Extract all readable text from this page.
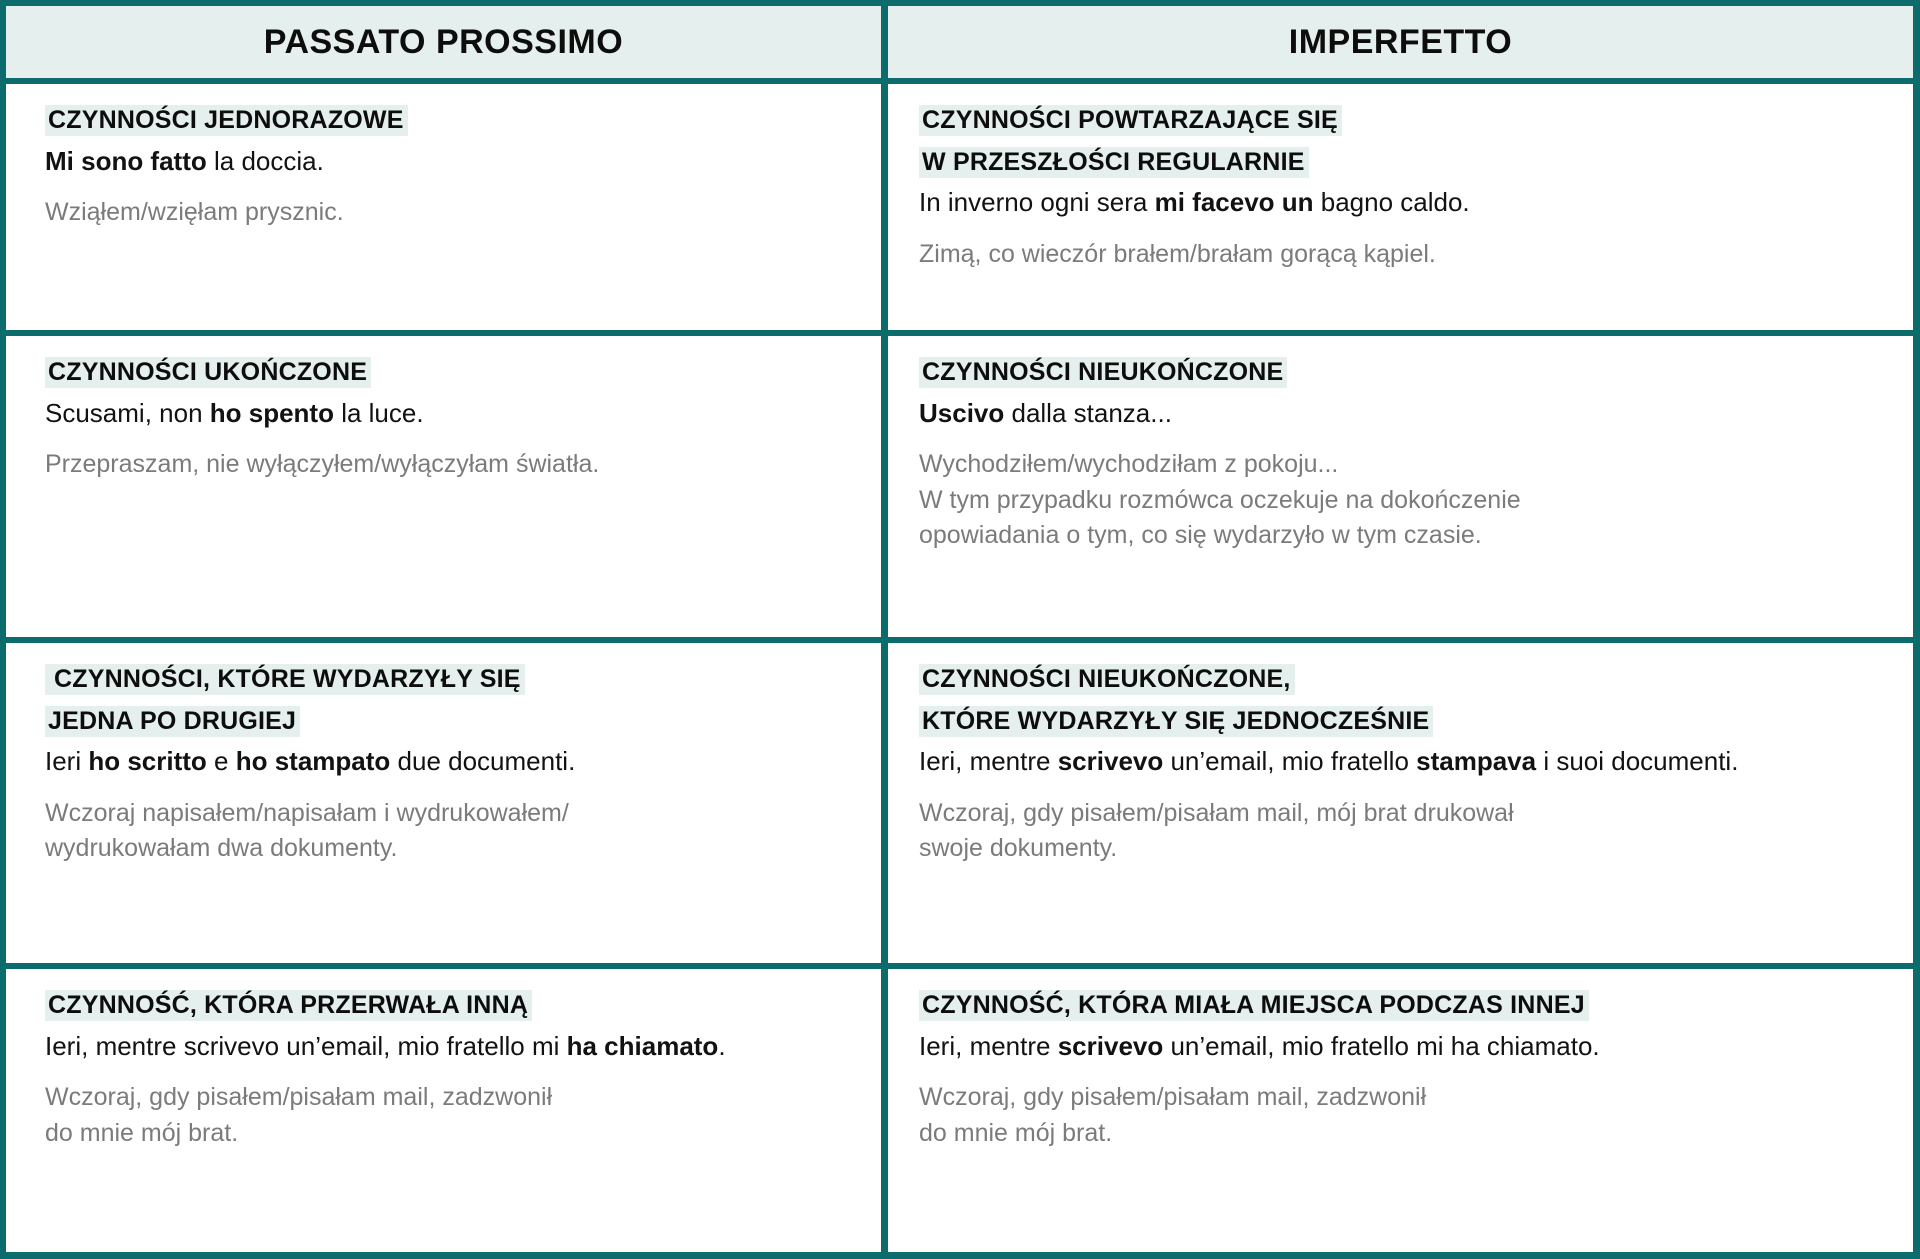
PASSATO PROSSIMO	IMPERFETTO
CZYNNOŚCI JEDNORAZOWE

Mi sono fatto la doccia.

Wziąłem/wzięłam prysznic.

CZYNNOŚCI POWTARZAJĄCE SIĘ
W PRZESZŁOŚCI REGULARNIE

In inverno ogni sera mi facevo un bagno caldo.

Zimą, co wieczór brałem/brałam gorącą kąpiel.

CZYNNOŚCI UKOŃCZONE

Scusami, non ho spento la luce.

Przepraszam, nie wyłączyłem/wyłączyłam światła.

CZYNNOŚCI NIEUKOŃCZONE

Uscivo dalla stanza...

Wychodziłem/wychodziłam z pokoju...
W tym przypadku rozmówca oczekuje na dokończenie
opowiadania o tym, co się wydarzyło w tym czasie.

CZYNNOŚCI, KTÓRE WYDARZYŁY SIĘ
JEDNA PO DRUGIEJ

Ieri ho scritto e ho stampato due documenti.

Wczoraj napisałem/napisałam i wydrukowałem/
wydrukowałam dwa dokumenty.

CZYNNOŚCI NIEUKOŃCZONE,
KTÓRE WYDARZYŁY SIĘ JEDNOCZEŚNIE

Ieri, mentre scrivevo un’email, mio fratello stampava i suoi documenti.

Wczoraj, gdy pisałem/pisałam mail, mój brat drukował
swoje dokumenty.

CZYNNOŚĆ, KTÓRA PRZERWAŁA INNĄ

Ieri, mentre scrivevo un’email, mio fratello mi ha chiamato.

Wczoraj, gdy pisałem/pisałam mail, zadzwonił
do mnie mój brat.

CZYNNOŚĆ, KTÓRA MIAŁA MIEJSCA PODCZAS INNEJ

Ieri, mentre scrivevo un’email, mio fratello mi ha chiamato.

Wczoraj, gdy pisałem/pisałam mail, zadzwonił
do mnie mój brat.
